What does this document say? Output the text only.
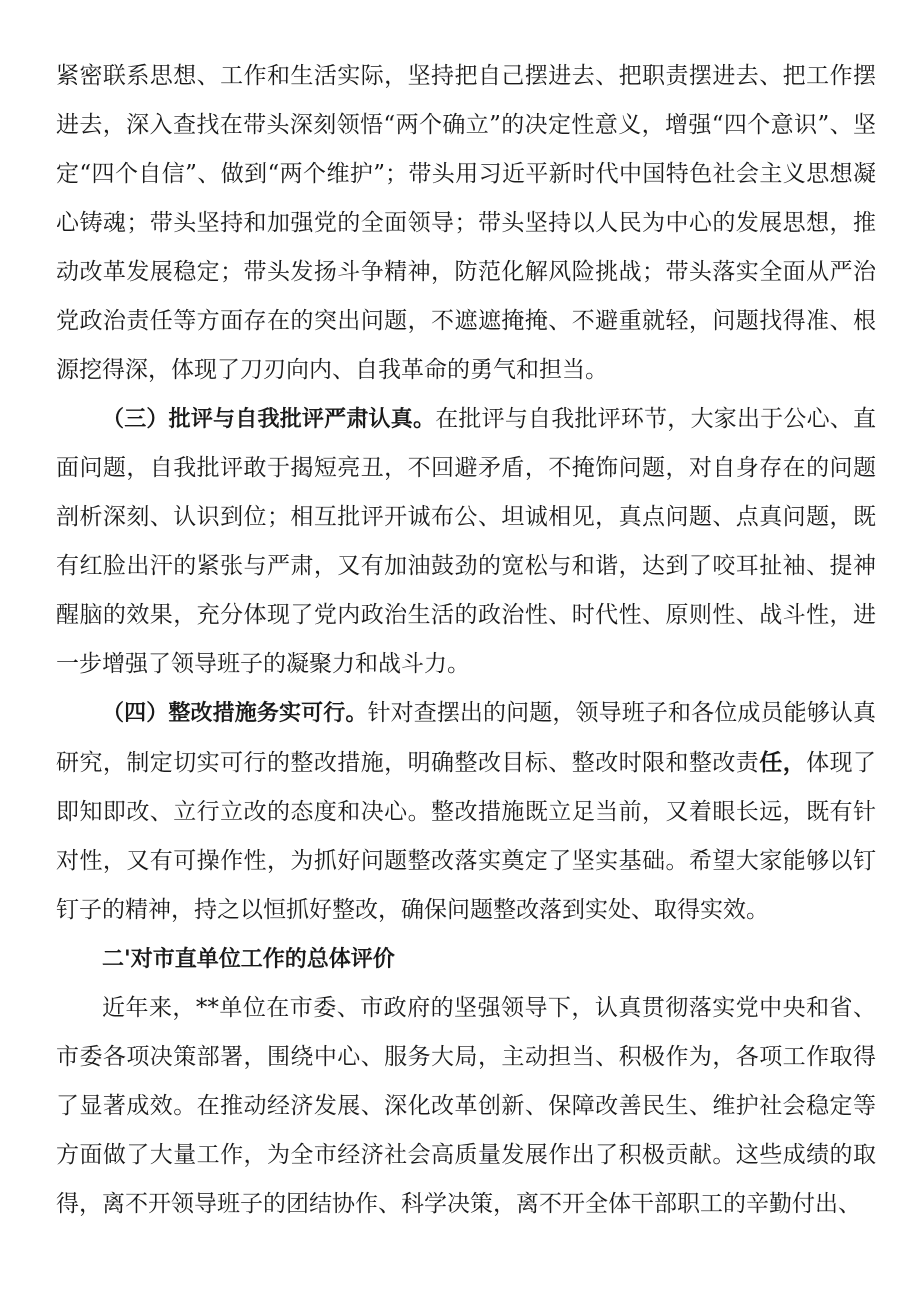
紧密联系思想、工作和生活实际，坚持把自己摆进去、把职责摆进去、把工作摆进去，深入查找在带头深刻领悟“两个确立”的决定性意义，增强“四个意识”、坚定“四个自信”、做到“两个维护”；带头用习近平新时代中国特色社会主义思想凝心铸魂；带头坚持和加强党的全面领导；带头坚持以人民为中心的发展思想，推动改革发展稳定；带头发扬斗争精神，防范化解风险挑战；带头落实全面从严治党政治责任等方面存在的突出问题，不遮遮掩掩、不避重就轻，问题找得准、根源挖得深，体现了刀刃向内、自我革命的勇气和担当。

（三）批评与自我批评严肃认真。在批评与自我批评环节，大家出于公心、直面问题，自我批评敢于揭短亮丑，不回避矛盾，不掩饰问题，对自身存在的问题剖析深刻、认识到位；相互批评开诚布公、坦诚相见，真点问题、点真问题，既有红脸出汗的紧张与严肃，又有加油鼓劲的宽松与和谐，达到了咬耳扯袖、提神醒脑的效果，充分体现了党内政治生活的政治性、时代性、原则性、战斗性，进一步增强了领导班子的凝聚力和战斗力。

（四）整改措施务实可行。针对查摆出的问题，领导班子和各位成员能够认真研究，制定切实可行的整改措施，明确整改目标、整改时限和整改责任，体现了即知即改、立行立改的态度和决心。整改措施既立足当前，又着眼长远，既有针对性，又有可操作性，为抓好问题整改落实奠定了坚实基础。希望大家能够以钉钉子的精神，持之以恒抓好整改，确保问题整改落到实处、取得实效。

二'对市直单位工作的总体评价

近年来，**单位在市委、市政府的坚强领导下，认真贯彻落实党中央和省、市委各项决策部署，围绕中心、服务大局，主动担当、积极作为，各项工作取得了显著成效。在推动经济发展、深化改革创新、保障改善民生、维护社会稳定等方面做了大量工作，为全市经济社会高质量发展作出了积极贡献。这些成绩的取得，离不开领导班子的团结协作、科学决策，离不开全体干部职工的辛勤付出、
